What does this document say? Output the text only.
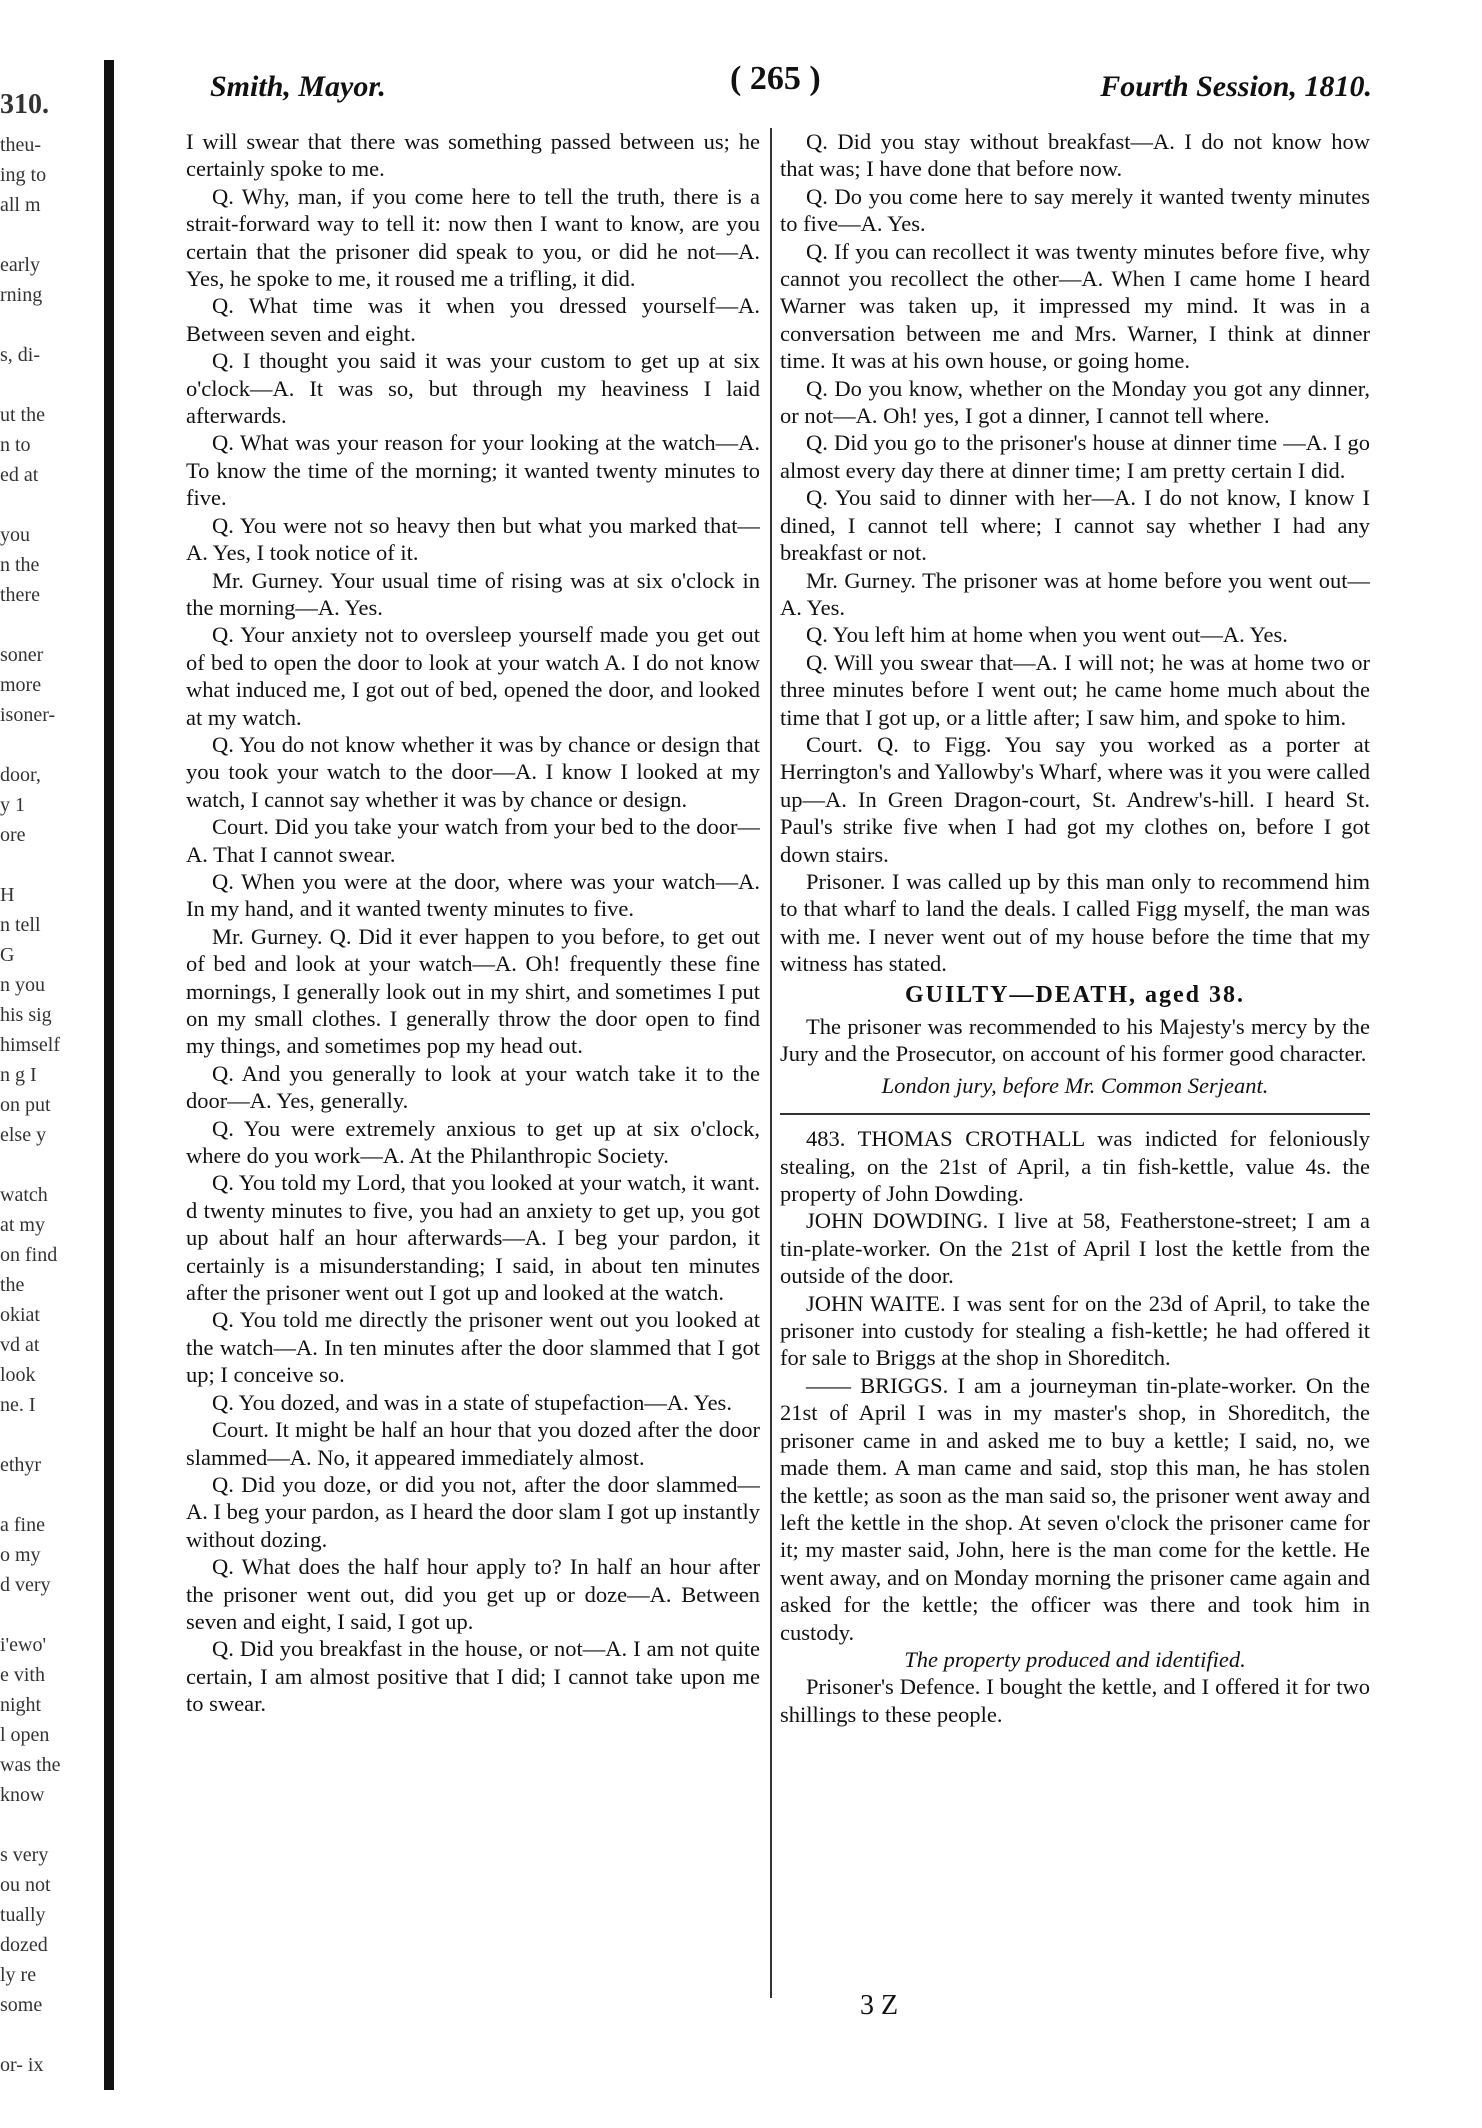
310.
theu-
ing to
all m

early
rning

s, di-

ut the
n to
ed at

you
n the
there

soner
more
isoner-

door,
y 1
ore

H
n tell
G
n you
his sig
himself
n g I
on put
else y

watch
at my
on find
the
okiat
vd at
look
ne. I

ethyr

a fine
o my
d very

i'ewo'
e vith
night
l open
was the
know

s very
ou not
tually
dozed
ly re
some

or- ix
Smith, Mayor.	( 265 )	Fourth Session, 1810.

I will swear that there was something passed between us; he certainly spoke to me.

Q. Why, man, if you come here to tell the truth, there is a strait-forward way to tell it: now then I want to know, are you certain that the prisoner did speak to you, or did he not—A. Yes, he spoke to me, it roused me a trifling, it did.

Q. What time was it when you dressed yourself—A. Between seven and eight.

Q. I thought you said it was your custom to get up at six o'clock—A. It was so, but through my heaviness I laid afterwards.

Q. What was your reason for your looking at the watch—A. To know the time of the morning; it wanted twenty minutes to five.

Q. You were not so heavy then but what you marked that—A. Yes, I took notice of it.

Mr. Gurney. Your usual time of rising was at six o'clock in the morning—A. Yes.

Q. Your anxiety not to oversleep yourself made you get out of bed to open the door to look at your watch A. I do not know what induced me, I got out of bed, opened the door, and looked at my watch.

Q. You do not know whether it was by chance or design that you took your watch to the door—A. I know I looked at my watch, I cannot say whether it was by chance or design.

Court. Did you take your watch from your bed to the door—A. That I cannot swear.

Q. When you were at the door, where was your watch—A. In my hand, and it wanted twenty minutes to five.

Mr. Gurney. Q. Did it ever happen to you before, to get out of bed and look at your watch—A. Oh! frequently these fine mornings, I generally look out in my shirt, and sometimes I put on my small clothes. I generally throw the door open to find my things, and sometimes pop my head out.

Q. And you generally to look at your watch take it to the door—A. Yes, generally.

Q. You were extremely anxious to get up at six o'clock, where do you work—A. At the Philanthropic Society.

Q. You told my Lord, that you looked at your watch, it want. d twenty minutes to five, you had an anxiety to get up, you got up about half an hour afterwards—A. I beg your pardon, it certainly is a misunderstanding; I said, in about ten minutes after the prisoner went out I got up and looked at the watch.

Q. You told me directly the prisoner went out you looked at the watch—A. In ten minutes after the door slammed that I got up; I conceive so.

Q. You dozed, and was in a state of stupefaction—A. Yes.

Court. It might be half an hour that you dozed after the door slammed—A. No, it appeared immediately almost.

Q. Did you doze, or did you not, after the door slammed—A. I beg your pardon, as I heard the door slam I got up instantly without dozing.

Q. What does the half hour apply to? In half an hour after the prisoner went out, did you get up or doze—A. Between seven and eight, I said, I got up.

Q. Did you breakfast in the house, or not—A. I am not quite certain, I am almost positive that I did; I cannot take upon me to swear.

Q. Did you stay without breakfast—A. I do not know how that was; I have done that before now.

Q. Do you come here to say merely it wanted twenty minutes to five—A. Yes.

Q. If you can recollect it was twenty minutes before five, why cannot you recollect the other—A. When I came home I heard Warner was taken up, it impressed my mind. It was in a conversation between me and Mrs. Warner, I think at dinner time. It was at his own house, or going home.

Q. Do you know, whether on the Monday you got any dinner, or not—A. Oh! yes, I got a dinner, I cannot tell where.

Q. Did you go to the prisoner's house at dinner time —A. I go almost every day there at dinner time; I am pretty certain I did.

Q. You said to dinner with her—A. I do not know, I know I dined, I cannot tell where; I cannot say whether I had any breakfast or not.

Mr. Gurney. The prisoner was at home before you went out—A. Yes.

Q. You left him at home when you went out—A. Yes.

Q. Will you swear that—A. I will not; he was at home two or three minutes before I went out; he came home much about the time that I got up, or a little after; I saw him, and spoke to him.

Court. Q. to Figg. You say you worked as a porter at Herrington's and Yallowby's Wharf, where was it you were called up—A. In Green Dragon-court, St. Andrew's-hill. I heard St. Paul's strike five when I had got my clothes on, before I got down stairs.

Prisoner. I was called up by this man only to recommend him to that wharf to land the deals. I called Figg myself, the man was with me. I never went out of my house before the time that my witness has stated.

GUILTY—DEATH, aged 38.

The prisoner was recommended to his Majesty's mercy by the Jury and the Prosecutor, on account of his former good character.

London jury, before Mr. Common Serjeant.

483. THOMAS CROTHALL was indicted for feloniously stealing, on the 21st of April, a tin fish-kettle, value 4s. the property of John Dowding.

JOHN DOWDING. I live at 58, Featherstone-street; I am a tin-plate-worker. On the 21st of April I lost the kettle from the outside of the door.

JOHN WAITE. I was sent for on the 23d of April, to take the prisoner into custody for stealing a fish-kettle; he had offered it for sale to Briggs at the shop in Shoreditch.

—— BRIGGS. I am a journeyman tin-plate-worker. On the 21st of April I was in my master's shop, in Shoreditch, the prisoner came in and asked me to buy a kettle; I said, no, we made them. A man came and said, stop this man, he has stolen the kettle; as soon as the man said so, the prisoner went away and left the kettle in the shop. At seven o'clock the prisoner came for it; my master said, John, here is the man come for the kettle. He went away, and on Monday morning the prisoner came again and asked for the kettle; the officer was there and took him in custody.

The property produced and identified.

Prisoner's Defence. I bought the kettle, and I offered it for two shillings to these people.

3 Z
